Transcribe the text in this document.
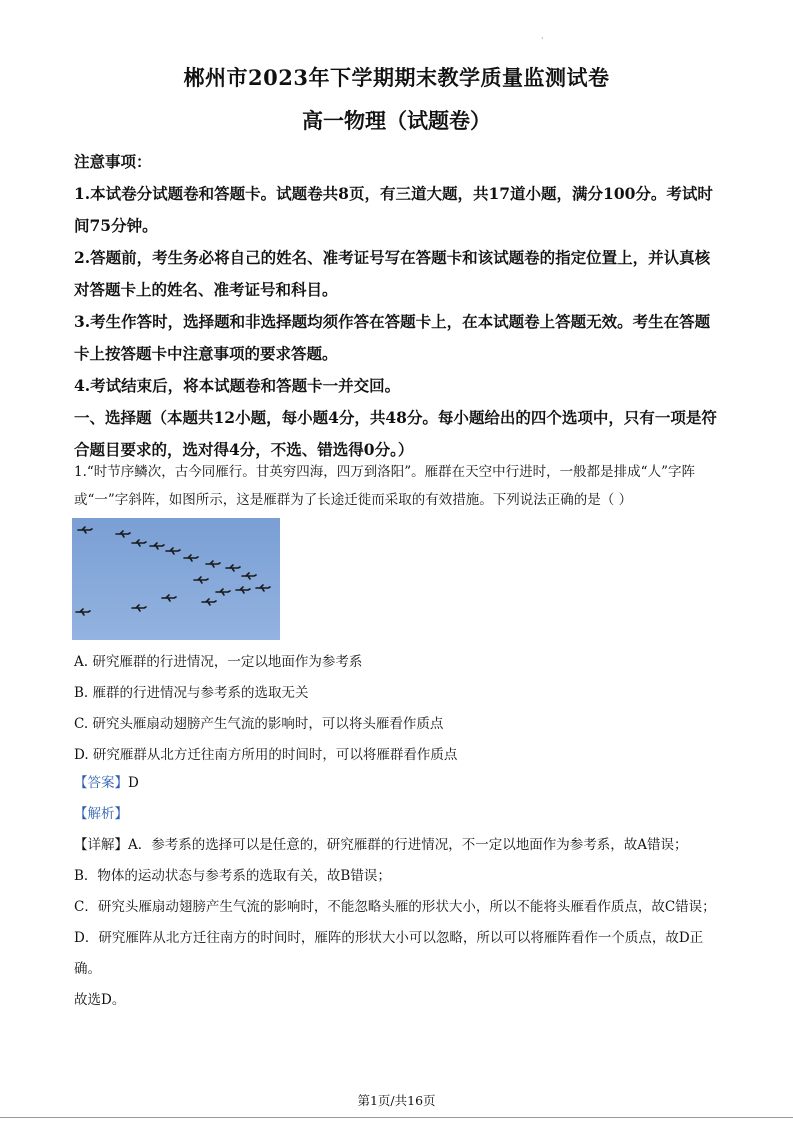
·
郴州市2023年下学期期末教学质量监测试卷
高一物理（试题卷）

注意事项：

1.本试卷分试题卷和答题卡。试题卷共8页，有三道大题，共17道小题，满分100分。考试时间75分钟。

2.答题前，考生务必将自己的姓名、准考证号写在答题卡和该试题卷的指定位置上，并认真核对答题卡上的姓名、准考证号和科目。

3.考生作答时，选择题和非选择题均须作答在答题卡上，在本试题卷上答题无效。考生在答题卡上按答题卡中注意事项的要求答题。

4.考试结束后，将本试题卷和答题卡一并交回。

一、选择题（本题共12小题，每小题4分，共48分。每小题给出的四个选项中，只有一项是符合题目要求的，选对得4分，不选、错选得0分。）

1.“时节序鳞次，古今同雁行。甘英穷四海，四万到洛阳”。雁群在天空中行进时，一般都是排成“人”字阵或“一”字斜阵，如图所示，这是雁群为了长途迁徙而采取的有效措施。下列说法正确的是（ ）
A. 研究雁群的行进情况，一定以地面作为参考系
B. 雁群的行进情况与参考系的选取无关
C. 研究头雁扇动翅膀产生气流的影响时，可以将头雁看作质点
D. 研究雁群从北方迁往南方所用的时间时，可以将雁群看作质点

【答案】D

【解析】

【详解】A．参考系的选择可以是任意的，研究雁群的行进情况，不一定以地面作为参考系，故A错误；

B．物体的运动状态与参考系的选取有关，故B错误；

C．研究头雁扇动翅膀产生气流的影响时，不能忽略头雁的形状大小，所以不能将头雁看作质点，故C错误；

D．研究雁阵从北方迁往南方的时间时，雁阵的形状大小可以忽略，所以可以将雁阵看作一个质点，故D正确。

故选D。

第1页/共16页
